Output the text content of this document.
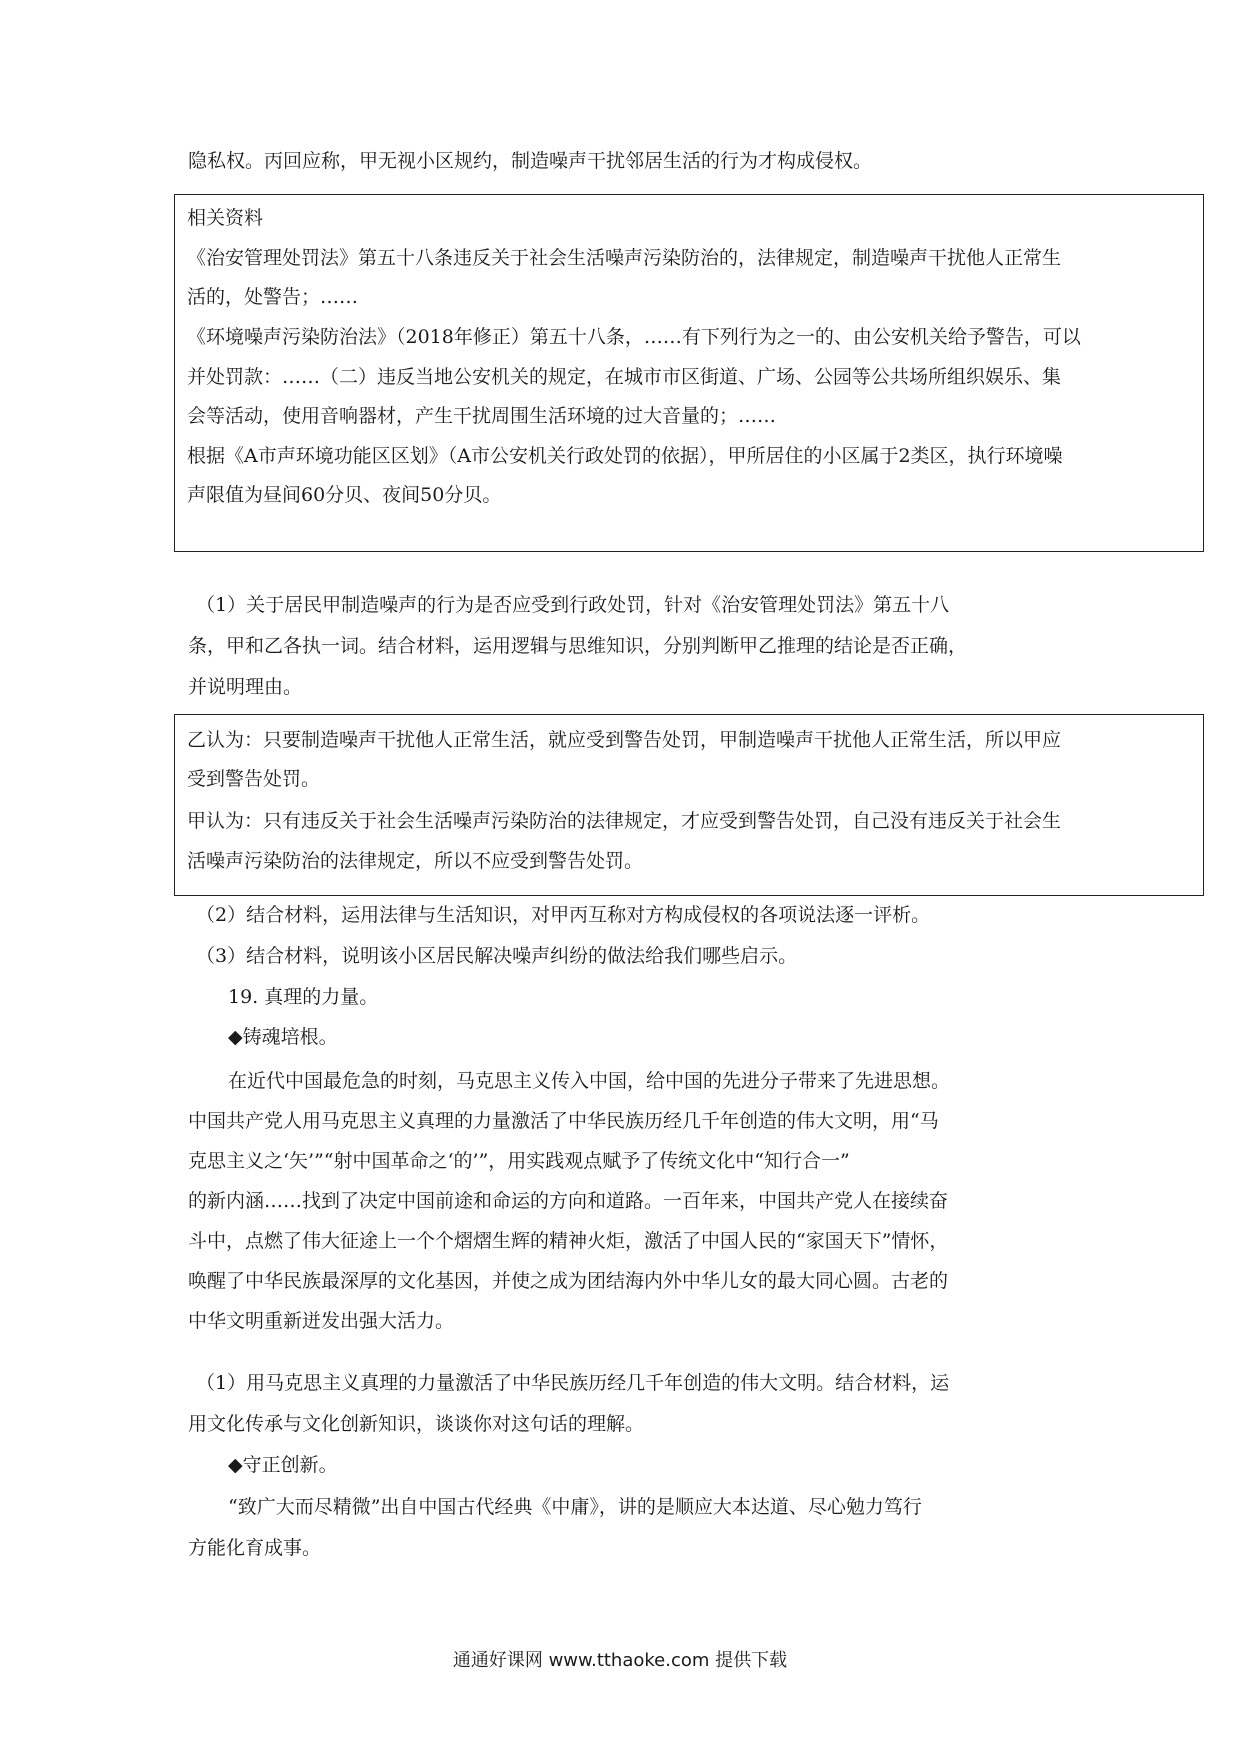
隐私权。丙回应称，甲无视小区规约，制造噪声干扰邻居生活的行为才构成侵权。
相关资料
《治安管理处罚法》第五十八条违反关于社会生活噪声污染防治的，法律规定，制造噪声干扰他人正常生
活的，处警告；……
《环境噪声污染防治法》（2018年修正）第五十八条，……有下列行为之一的、由公安机关给予警告，可以
并处罚款：……（二）违反当地公安机关的规定，在城市市区街道、广场、公园等公共场所组织娱乐、集
会等活动，使用音响器材，产生干扰周围生活环境的过大音量的；……
根据《A市声环境功能区区划》（A市公安机关行政处罚的依据），甲所居住的小区属于2类区，执行环境噪
声限值为昼间60分贝、夜间50分贝。
（1）关于居民甲制造噪声的行为是否应受到行政处罚，针对《治安管理处罚法》第五十八
条，甲和乙各执一词。结合材料，运用逻辑与思维知识，分别判断甲乙推理的结论是否正确，
并说明理由。
乙认为：只要制造噪声干扰他人正常生活，就应受到警告处罚，甲制造噪声干扰他人正常生活，所以甲应
受到警告处罚。
甲认为：只有违反关于社会生活噪声污染防治的法律规定，才应受到警告处罚，自己没有违反关于社会生
活噪声污染防治的法律规定，所以不应受到警告处罚。
（2）结合材料，运用法律与生活知识，对甲丙互称对方构成侵权的各项说法逐一评析。
（3）结合材料，说明该小区居民解决噪声纠纷的做法给我们哪些启示。
19. 真理的力量。
◆铸魂培根。
在近代中国最危急的时刻，马克思主义传入中国，给中国的先进分子带来了先进思想。
中国共产党人用马克思主义真理的力量激活了中华民族历经几千年创造的伟大文明，用“马
克思主义之‘矢’”“射中国革命之‘的’”，用实践观点赋予了传统文化中“知行合一”
的新内涵……找到了决定中国前途和命运的方向和道路。一百年来，中国共产党人在接续奋
斗中，点燃了伟大征途上一个个熠熠生辉的精神火炬，激活了中国人民的“家国天下”情怀，
唤醒了中华民族最深厚的文化基因，并使之成为团结海内外中华儿女的最大同心圆。古老的
中华文明重新迸发出强大活力。
（1）用马克思主义真理的力量激活了中华民族历经几千年创造的伟大文明。结合材料，运
用文化传承与文化创新知识，谈谈你对这句话的理解。
◆守正创新。
“致广大而尽精微”出自中国古代经典《中庸》，讲的是顺应大本达道、尽心勉力笃行
方能化育成事。
通通好课网 www.tthaoke.com 提供下载
